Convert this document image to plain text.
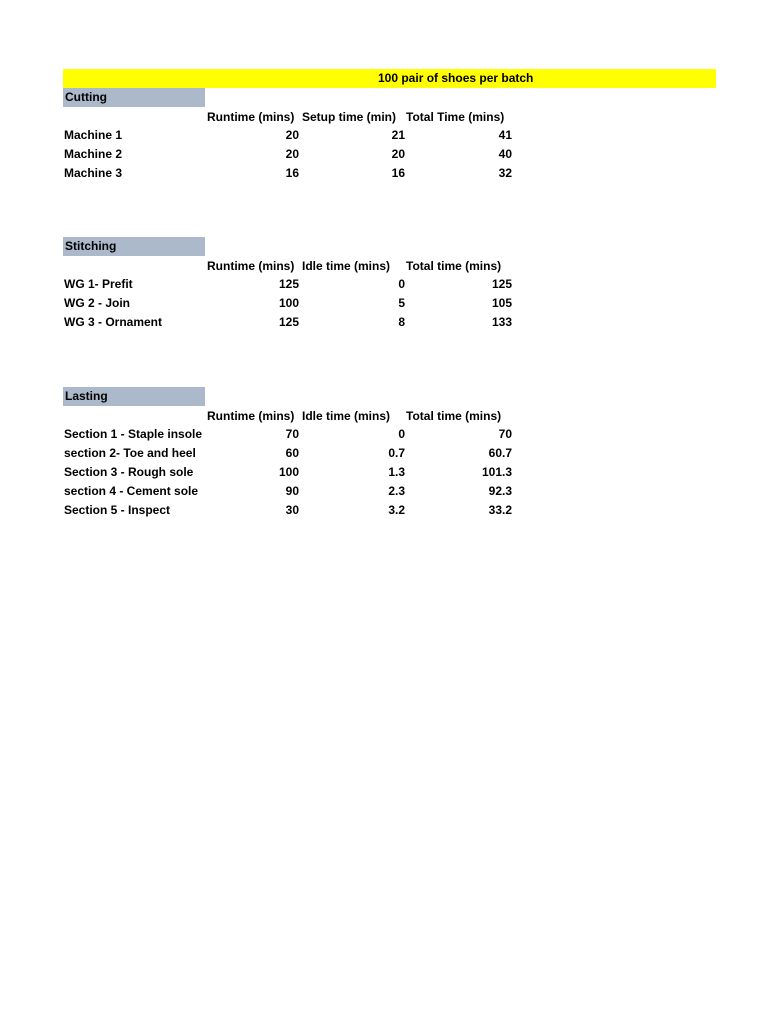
100 pair of shoes per batch
Cutting
Runtime (mins) Setup time (min) Total Time (mins)
Machine 1	20	21	41
Machine 2	20	20	40
Machine 3	16	16	32
Stitching
Runtime (mins) Idle time (mins) Total time (mins)
WG 1- Prefit	125	0	125
WG 2 - Join	100	5	105
WG 3 - Ornament	125	8	133
Lasting
Runtime (mins) Idle time (mins) Total time (mins)
Section 1 - Staple insole	70	0	70
section 2- Toe and heel	60	0.7	60.7
Section 3 - Rough sole	100	1.3	101.3
section 4 - Cement sole	90	2.3	92.3
Section 5 - Inspect	30	3.2	33.2
